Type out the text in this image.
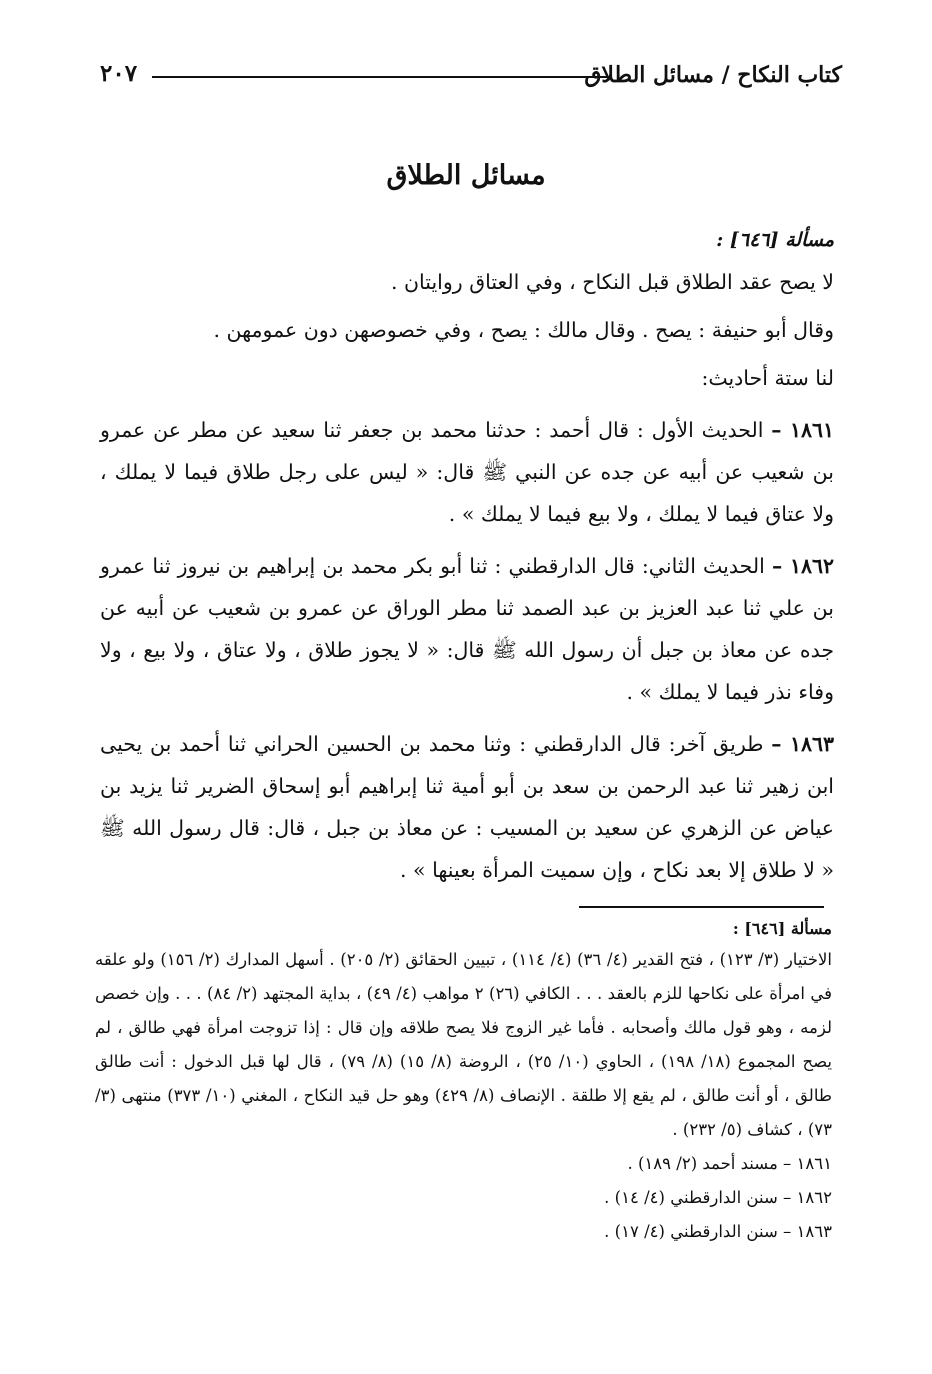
كتاب النكاح / مسائل الطلاق
٢٠٧
مسائل الطلاق

مسألة [٦٤٦] :

لا يصح عقد الطلاق قبل النكاح ، وفي العتاق روايتان .

وقال أبو حنيفة : يصح . وقال مالك : يصح ، وفي خصوصهن دون عمومهن .

لنا ستة أحاديث:

١٨٦١ – الحديث الأول : قال أحمد : حدثنا محمد بن جعفر ثنا سعيد عن مطر عن عمرو بن شعيب عن أبيه عن جده عن النبي ﷺ قال: « ليس على رجل طلاق فيما لا يملك ، ولا عتاق فيما لا يملك ، ولا بيع فيما لا يملك » .

١٨٦٢ – الحديث الثاني: قال الدارقطني : ثنا أبو بكر محمد بن إبراهيم بن نيروز ثنا عمرو بن علي ثنا عبد العزيز بن عبد الصمد ثنا مطر الوراق عن عمرو بن شعيب عن أبيه عن جده عن معاذ بن جبل أن رسول الله ﷺ قال: « لا يجوز طلاق ، ولا عتاق ، ولا بيع ، ولا وفاء نذر فيما لا يملك » .

١٨٦٣ – طريق آخر: قال الدارقطني : وثنا محمد بن الحسين الحراني ثنا أحمد بن يحيى ابن زهير ثنا عبد الرحمن بن سعد بن أبو أمية ثنا إبراهيم أبو إسحاق الضرير ثنا يزيد بن عياض عن الزهري عن سعيد بن المسيب : عن معاذ بن جبل ، قال: قال رسول الله ﷺ « لا طلاق إلا بعد نكاح ، وإن سميت المرأة بعينها » .

مسألة [٦٤٦] :

الاختيار (٣/ ١٢٣) ، فتح القدير (٤/ ٣٦) (٤/ ١١٤) ، تبيين الحقائق (٢/ ٢٠٥) . أسهل المدارك (٢/ ١٥٦) ولو علقه في امرأة على نكاحها للزم بالعقد . . . الكافي (٢٦) ٢ مواهب (٤/ ٤٩) ، بداية المجتهد (٢/ ٨٤) . . . وإن خصص لزمه ، وهو قول مالك وأصحابه . فأما غير الزوج فلا يصح طلاقه وإن قال : إذا تزوجت امرأة فهي طالق ، لم يصح المجموع (١٨/ ١٩٨) ، الحاوي (١٠/ ٢٥) ، الروضة (٨/ ١٥) (٨/ ٧٩) ، قال لها قبل الدخول : أنت طالق طالق ، أو أنت طالق ، لم يقع إلا طلقة . الإنصاف (٨/ ٤٢٩) وهو حل قيد النكاح ، المغني (١٠/ ٣٧٣) منتهى (٣/ ٧٣) ، كشاف (٥/ ٢٣٢) .

١٨٦١ – مسند أحمد (٢/ ١٨٩) .

١٨٦٢ – سنن الدارقطني (٤/ ١٤) .

١٨٦٣ – سنن الدارقطني (٤/ ١٧) .
